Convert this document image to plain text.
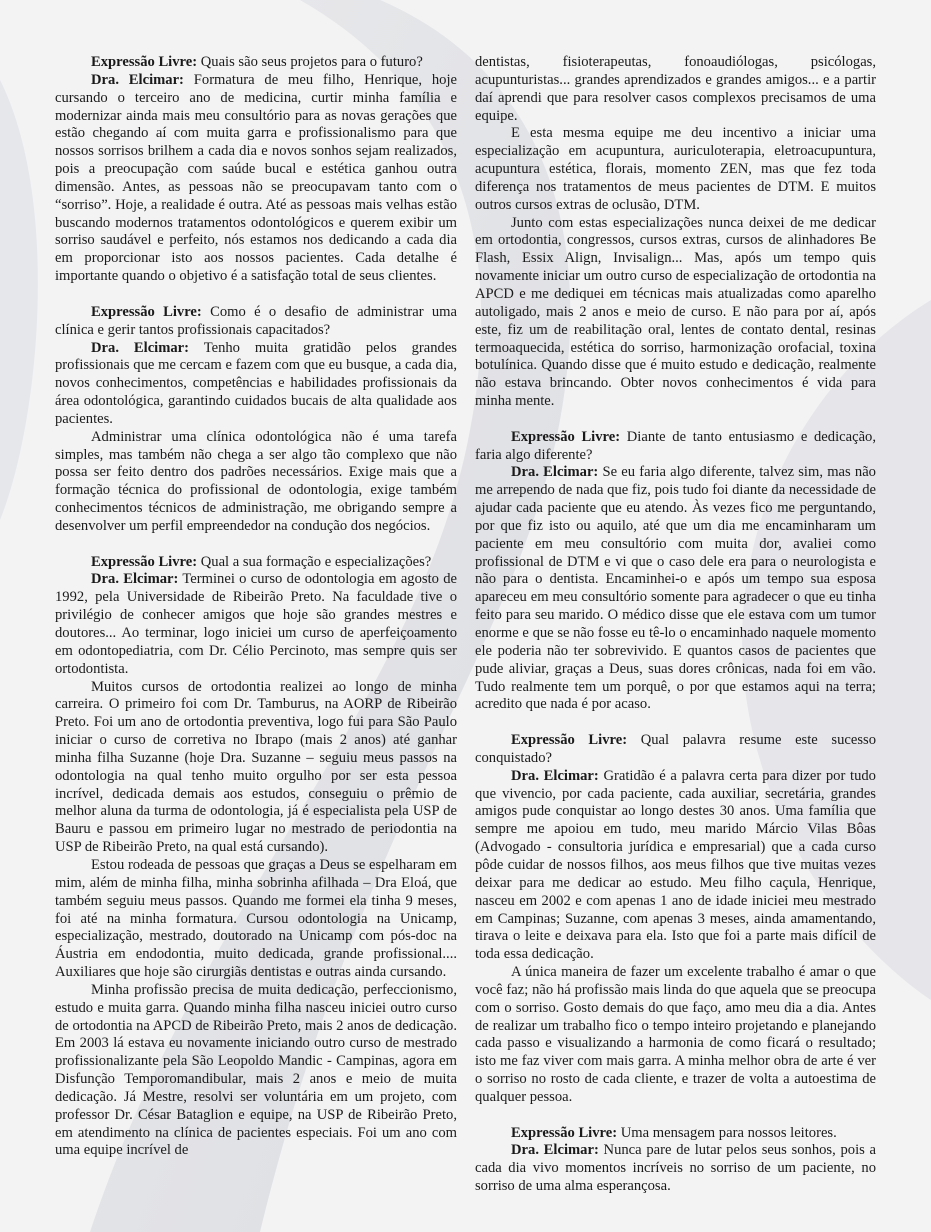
Expressão Livre: Quais são seus projetos para o futuro?

Dra. Elcimar: Formatura de meu filho, Henrique, hoje cursando o terceiro ano de medicina, curtir minha família e modernizar ainda mais meu consultório para as novas gerações que estão chegando aí com muita garra e profissionalismo para que nossos sorrisos brilhem a cada dia e novos sonhos sejam realizados, pois a preocupação com saúde bucal e estética ganhou outra dimensão. Antes, as pessoas não se preocupavam tanto com o “sorriso”. Hoje, a realidade é outra. Até as pessoas mais velhas estão buscando modernos tratamentos odontológicos e querem exibir um sorriso saudável e perfeito, nós estamos nos dedicando a cada dia em proporcionar isto aos nossos pacientes. Cada detalhe é importante quando o objetivo é a satisfação total de seus clientes.

Expressão Livre: Como é o desafio de administrar uma clínica e gerir tantos profissionais capacitados?

Dra. Elcimar: Tenho muita gratidão pelos grandes profissionais que me cercam e fazem com que eu busque, a cada dia, novos conhecimentos, competências e habilidades profissionais da área odontológica, garantindo cuidados bucais de alta qualidade aos pacientes.

Administrar uma clínica odontológica não é uma tarefa simples, mas também não chega a ser algo tão complexo que não possa ser feito dentro dos padrões necessários. Exige mais que a formação técnica do profissional de odontologia, exige também conhecimentos técnicos de administração, me obrigando sempre a desenvolver um perfil empreendedor na condução dos negócios.

Expressão Livre: Qual a sua formação e especializações?

Dra. Elcimar: Terminei o curso de odontologia em agosto de 1992, pela Universidade de Ribeirão Preto. Na faculdade tive o privilégio de conhecer amigos que hoje são grandes mestres e doutores... Ao terminar, logo iniciei um curso de aperfeiçoamento em odontopediatria, com Dr. Célio Percinoto, mas sempre quis ser ortodontista.

Muitos cursos de ortodontia realizei ao longo de minha carreira. O primeiro foi com Dr. Tamburus, na AORP de Ribeirão Preto. Foi um ano de ortodontia preventiva, logo fui para São Paulo iniciar o curso de corretiva no Ibrapo (mais 2 anos) até ganhar minha filha Suzanne (hoje Dra. Suzanne – seguiu meus passos na odontologia na qual tenho muito orgulho por ser esta pessoa incrível, dedicada demais aos estudos, conseguiu o prêmio de melhor aluna da turma de odontologia, já é especialista pela USP de Bauru e passou em primeiro lugar no mestrado de periodontia na USP de Ribeirão Preto, na qual está cursando).

Estou rodeada de pessoas que graças a Deus se espelharam em mim, além de minha filha, minha sobrinha afilhada – Dra Eloá, que também seguiu meus passos. Quando me formei ela tinha 9 meses, foi até na minha formatura. Cursou odontologia na Unicamp, especialização, mestrado, doutorado na Unicamp com pós-doc na Áustria em endodontia, muito dedicada, grande profissional.... Auxiliares que hoje são cirurgiãs dentistas e outras ainda cursando.

Minha profissão precisa de muita dedicação, perfeccionismo, estudo e muita garra. Quando minha filha nasceu iniciei outro curso de ortodontia na APCD de Ribeirão Preto, mais 2 anos de dedicação. Em 2003 lá estava eu novamente iniciando outro curso de mestrado profissionalizante pela São Leopoldo Mandic - Campinas, agora em Disfunção Temporomandibular, mais 2 anos e meio de muita dedicação. Já Mestre, resolvi ser voluntária em um projeto, com professor Dr. César Bataglion e equipe, na USP de Ribeirão Preto, em atendimento na clínica de pacientes especiais. Foi um ano com uma equipe incrível de

dentistas, fisioterapeutas, fonoaudiólogas, psicólogas, acupunturistas... grandes aprendizados e grandes amigos... e a partir daí aprendi que para resolver casos complexos precisamos de uma equipe.

E esta mesma equipe me deu incentivo a iniciar uma especialização em acupuntura, auriculoterapia, eletroacupuntura, acupuntura estética, florais, momento ZEN, mas que fez toda diferença nos tratamentos de meus pacientes de DTM. E muitos outros cursos extras de oclusão, DTM.

Junto com estas especializações nunca deixei de me dedicar em ortodontia, congressos, cursos extras, cursos de alinhadores Be Flash, Essix Align, Invisalign... Mas, após um tempo quis novamente iniciar um outro curso de especialização de ortodontia na APCD e me dediquei em técnicas mais atualizadas como aparelho autoligado, mais 2 anos e meio de curso. E não para por aí, após este, fiz um de reabilitação oral, lentes de contato dental, resinas termoaquecida, estética do sorriso, harmonização orofacial, toxina botulínica. Quando disse que é muito estudo e dedicação, realmente não estava brincando. Obter novos conhecimentos é vida para minha mente.

Expressão Livre: Diante de tanto entusiasmo e dedicação, faria algo diferente?

Dra. Elcimar: Se eu faria algo diferente, talvez sim, mas não me arrependo de nada que fiz, pois tudo foi diante da necessidade de ajudar cada paciente que eu atendo. Às vezes fico me perguntando, por que fiz isto ou aquilo, até que um dia me encaminharam um paciente em meu consultório com muita dor, avaliei como profissional de DTM e vi que o caso dele era para o neurologista e não para o dentista. Encaminhei-o e após um tempo sua esposa apareceu em meu consultório somente para agradecer o que eu tinha feito para seu marido. O médico disse que ele estava com um tumor enorme e que se não fosse eu tê-lo o encaminhado naquele momento ele poderia não ter sobrevivido. E quantos casos de pacientes que pude aliviar, graças a Deus, suas dores crônicas, nada foi em vão. Tudo realmente tem um porquê, o por que estamos aqui na terra; acredito que nada é por acaso.

Expressão Livre: Qual palavra resume este sucesso conquistado?

Dra. Elcimar: Gratidão é a palavra certa para dizer por tudo que vivencio, por cada paciente, cada auxiliar, secretária, grandes amigos pude conquistar ao longo destes 30 anos. Uma família que sempre me apoiou em tudo, meu marido Márcio Vilas Bôas (Advogado - consultoria jurídica e empresarial) que a cada curso pôde cuidar de nossos filhos, aos meus filhos que tive muitas vezes deixar para me dedicar ao estudo. Meu filho caçula, Henrique, nasceu em 2002 e com apenas 1 ano de idade iniciei meu mestrado em Campinas; Suzanne, com apenas 3 meses, ainda amamentando, tirava o leite e deixava para ela. Isto que foi a parte mais difícil de toda essa dedicação.

A única maneira de fazer um excelente trabalho é amar o que você faz; não há profissão mais linda do que aquela que se preocupa com o sorriso. Gosto demais do que faço, amo meu dia a dia. Antes de realizar um trabalho fico o tempo inteiro projetando e planejando cada passo e visualizando a harmonia de como ficará o resultado; isto me faz viver com mais garra. A minha melhor obra de arte é ver o sorriso no rosto de cada cliente, e trazer de volta a autoestima de qualquer pessoa.

Expressão Livre: Uma mensagem para nossos leitores.

Dra. Elcimar: Nunca pare de lutar pelos seus sonhos, pois a cada dia vivo momentos incríveis no sorriso de um paciente, no sorriso de uma alma esperançosa.
